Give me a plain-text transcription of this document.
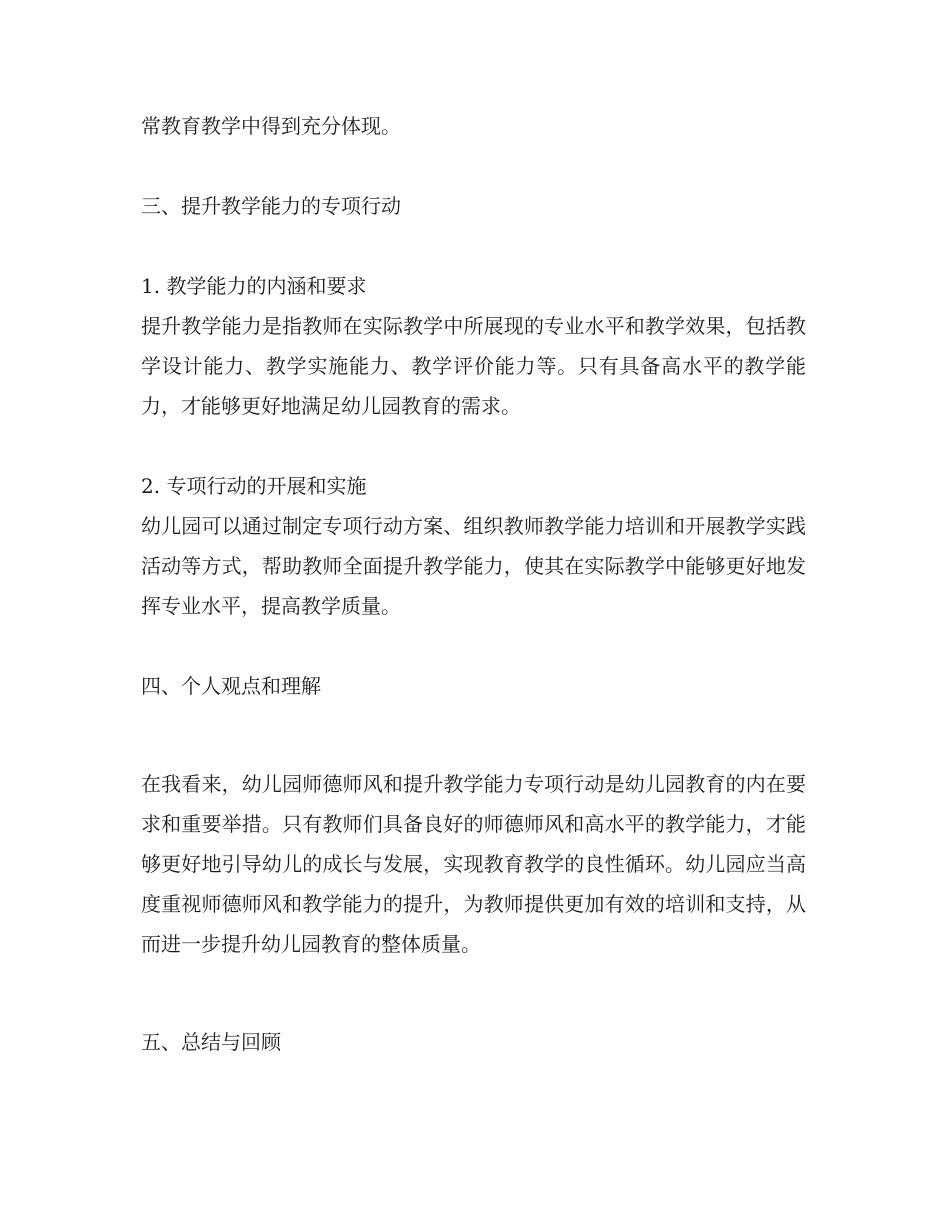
常教育教学中得到充分体现。

三、提升教学能力的专项行动

1. 教学能力的内涵和要求

提升教学能力是指教师在实际教学中所展现的专业水平和教学效果，包括教学设计能力、教学实施能力、教学评价能力等。只有具备高水平的教学能力，才能够更好地满足幼儿园教育的需求。

2. 专项行动的开展和实施

幼儿园可以通过制定专项行动方案、组织教师教学能力培训和开展教学实践活动等方式，帮助教师全面提升教学能力，使其在实际教学中能够更好地发挥专业水平，提高教学质量。

四、个人观点和理解

在我看来，幼儿园师德师风和提升教学能力专项行动是幼儿园教育的内在要求和重要举措。只有教师们具备良好的师德师风和高水平的教学能力，才能够更好地引导幼儿的成长与发展，实现教育教学的良性循环。幼儿园应当高度重视师德师风和教学能力的提升，为教师提供更加有效的培训和支持，从而进一步提升幼儿园教育的整体质量。

五、总结与回顾
